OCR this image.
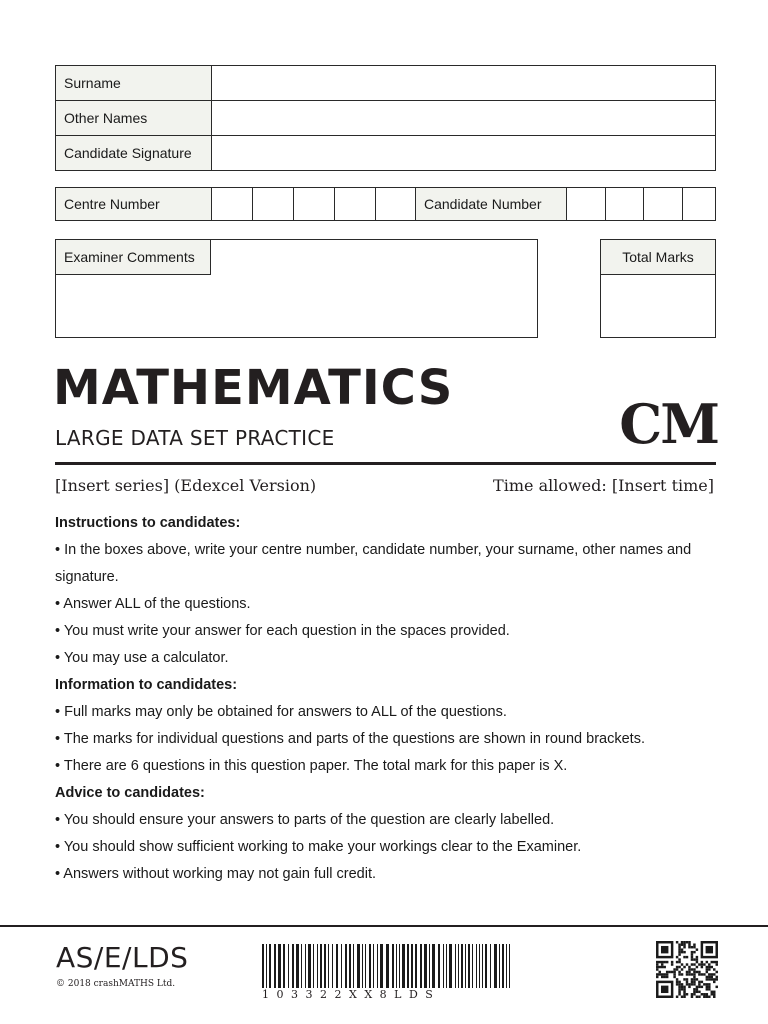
Surname	
Other Names	
Candidate Signature	
Centre Number	Candidate Number
Examiner Comments	Total Marks
MATHEMATICS
LARGE DATA SET PRACTICE	CM
[Insert series] (Edexcel Version)	Time allowed: [Insert time]
Instructions to candidates:
• In the boxes above, write your centre number, candidate number, your surname, other names and signature.
• Answer ALL of the questions.
• You must write your answer for each question in the spaces provided.
• You may use a calculator.
Information to candidates:
• Full marks may only be obtained for answers to ALL of the questions.
• The marks for individual questions and parts of the questions are shown in round brackets.
• There are 6 questions in this question paper. The total mark for this paper is X.
Advice to candidates:
• You should ensure your answers to parts of the question are clearly labelled.
• You should show sufficient working to make your workings clear to the Examiner.
• Answers without working may not gain full credit.
AS/E/LDS
© 2018 crashMATHS Ltd.
103322XX8LDS
